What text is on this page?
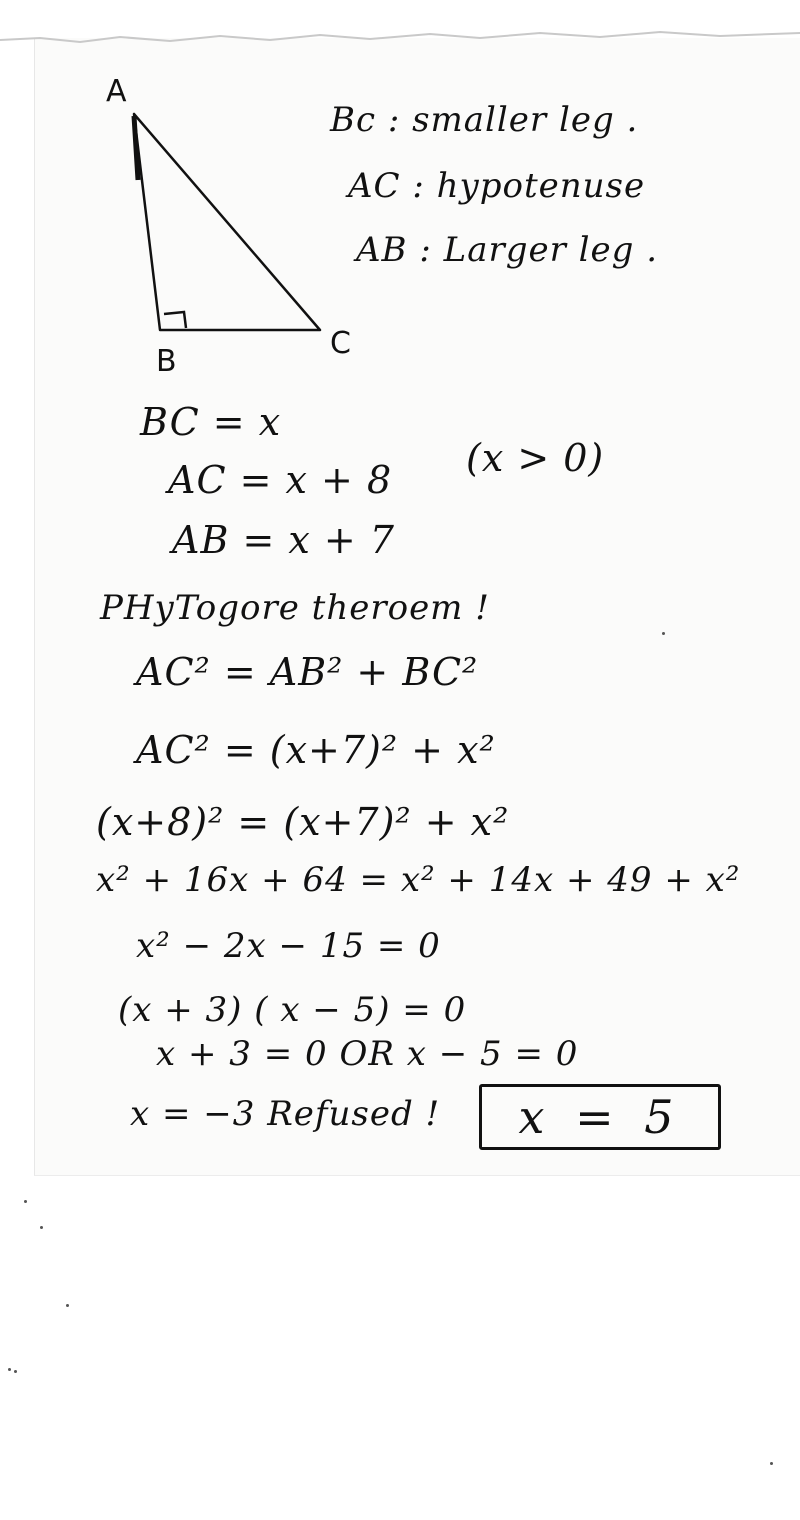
A
B
C
Bc : smaller leg .
AC : hypotenuse
AB : Larger leg .
BC = x
AC = x + 8 (x > 0)
AB = x + 7
PHyTogore theroem !
AC² = AB² + BC²
AC² = (x+7)² + x²
(x+8)² = (x+7)² + x²
x² + 16x + 64 = x² + 14x + 49 + x²
x² − 2x − 15 = 0
(x + 3) ( x − 5) = 0
x + 3 = 0 OR x − 5 = 0
x = −3 Refused !	x = 5
